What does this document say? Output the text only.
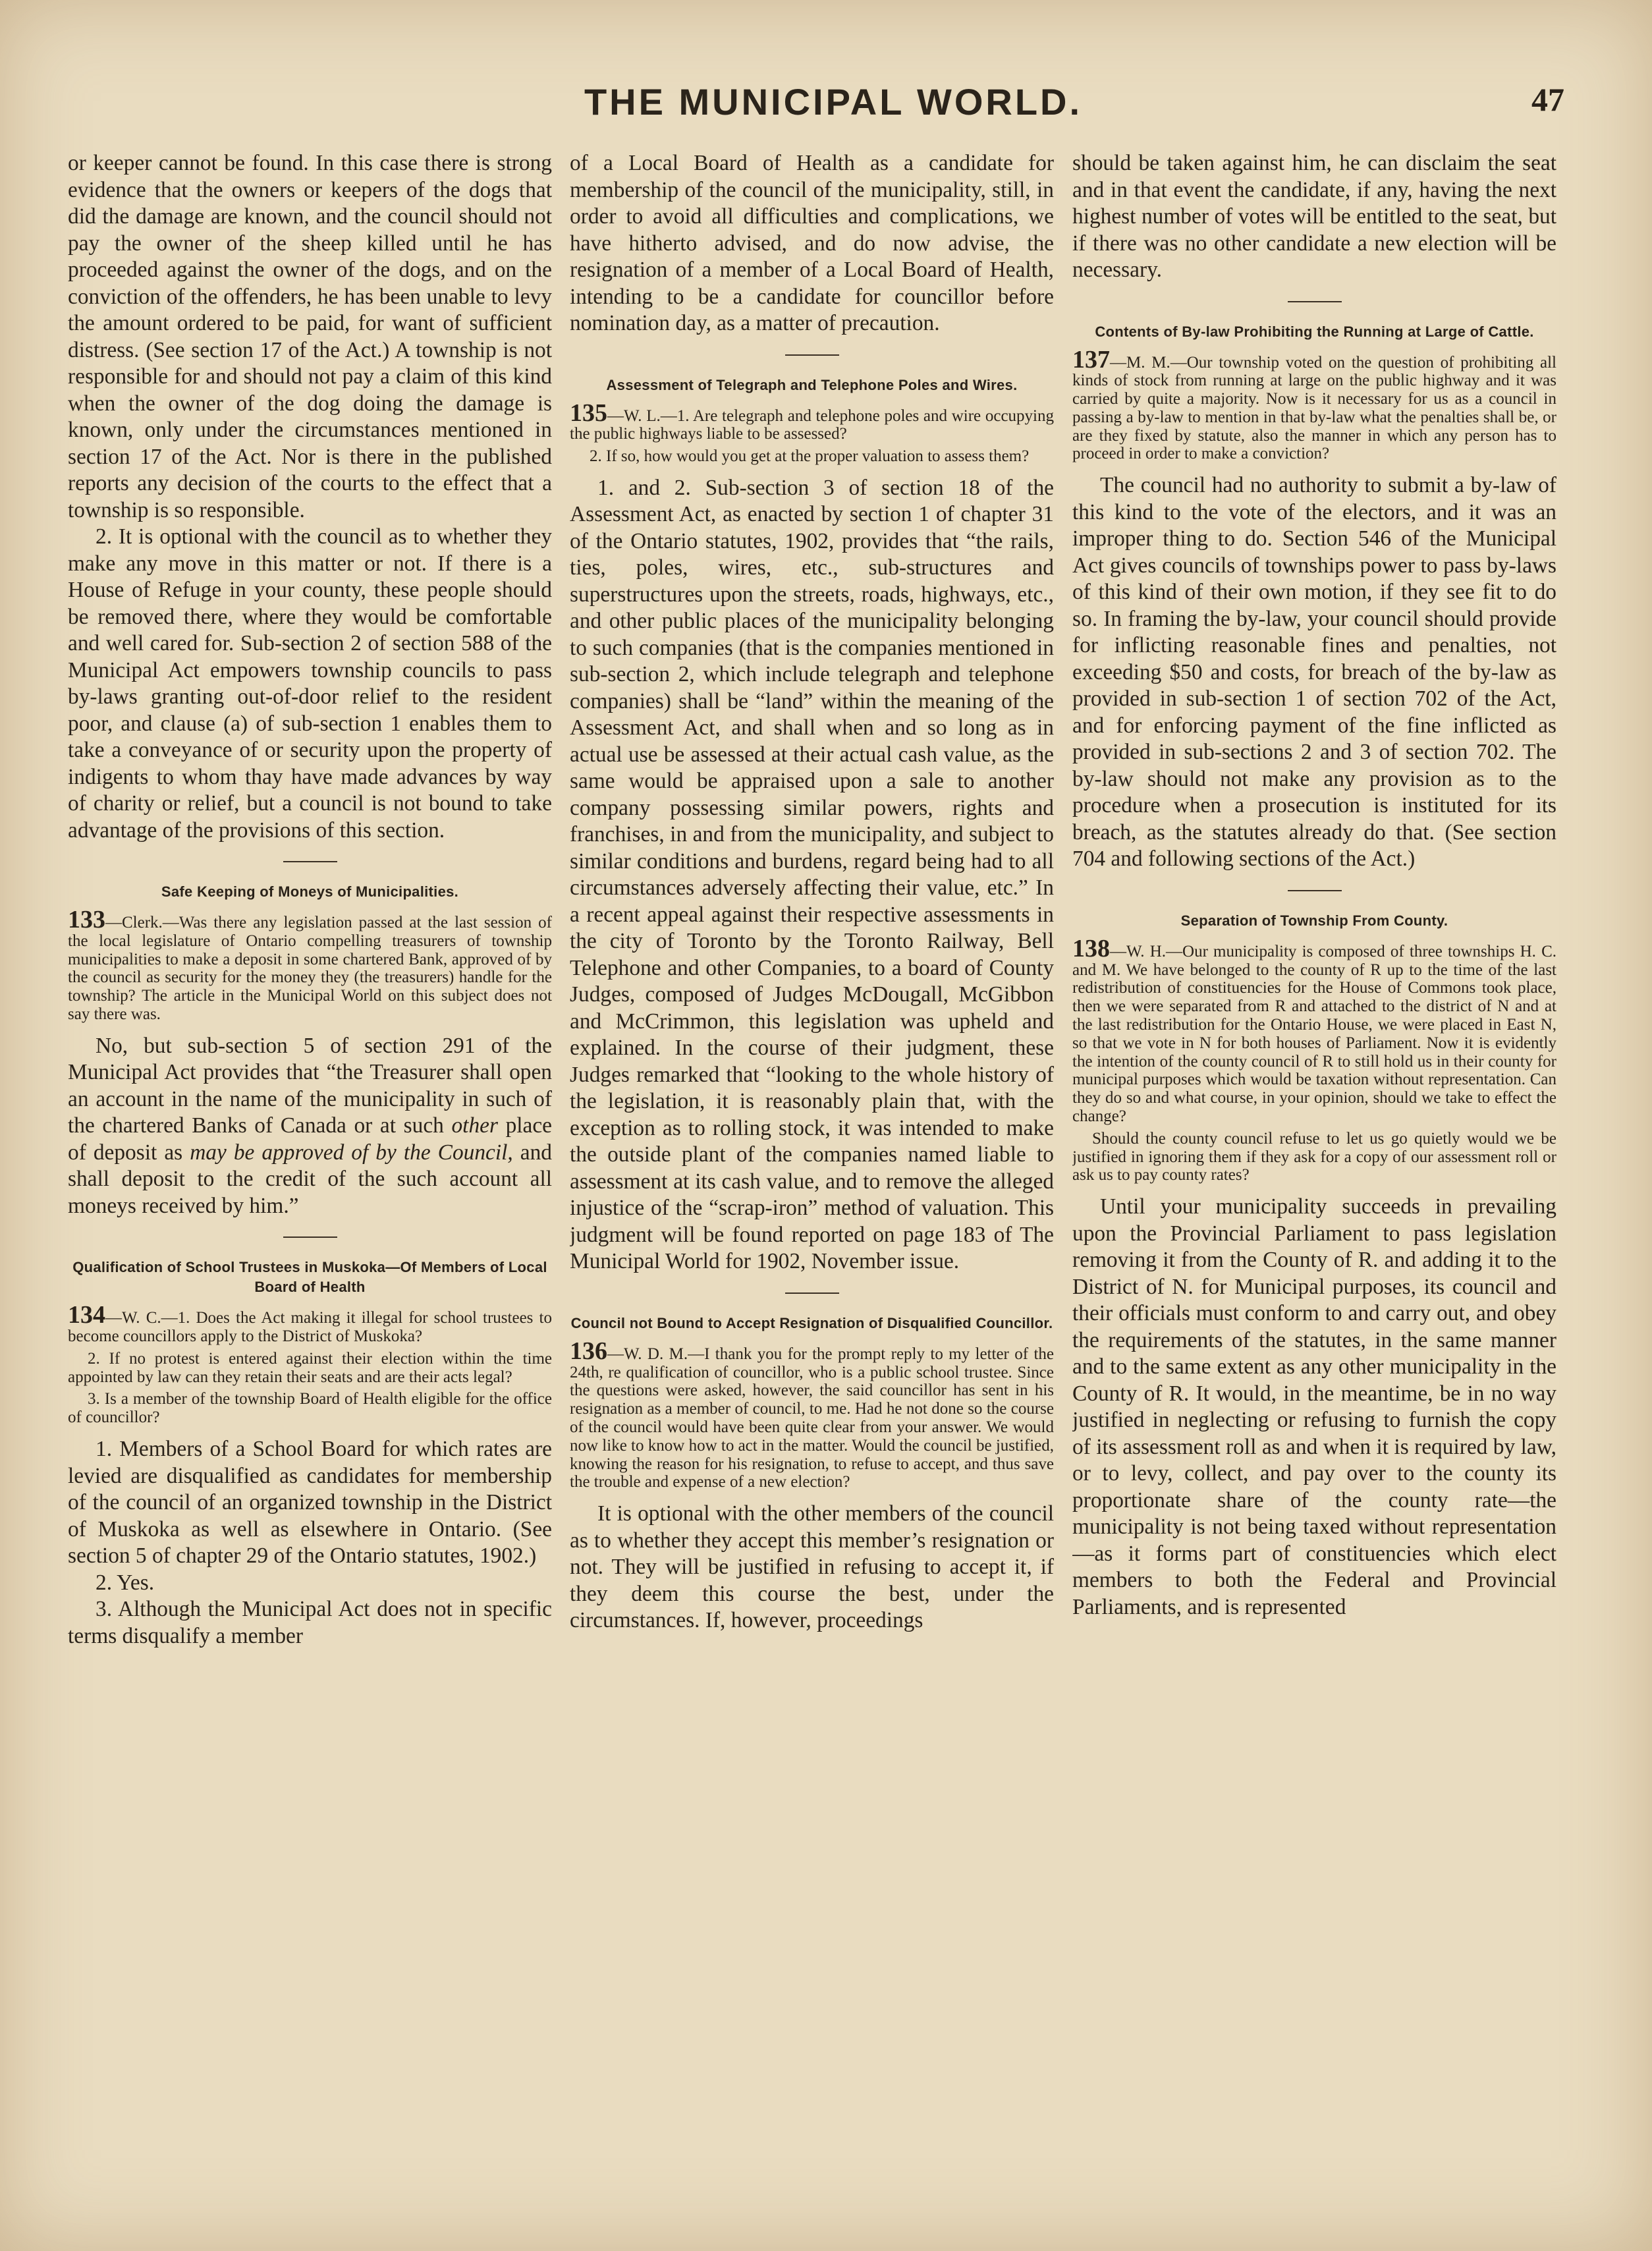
THE MUNICIPAL WORLD.	47

or keeper cannot be found. In this case there is strong evidence that the owners or keepers of the dogs that did the damage are known, and the council should not pay the owner of the sheep killed until he has proceeded against the owner of the dogs, and on the conviction of the offenders, he has been unable to levy the amount ordered to be paid, for want of sufficient distress. (See section 17 of the Act.) A township is not responsible for and should not pay a claim of this kind when the owner of the dog doing the damage is known, only under the circumstances mentioned in section 17 of the Act. Nor is there in the published reports any decision of the courts to the effect that a township is so responsible.

2. It is optional with the council as to whether they make any move in this matter or not. If there is a House of Refuge in your county, these people should be removed there, where they would be comfortable and well cared for. Sub-section 2 of section 588 of the Municipal Act empowers township councils to pass by-laws granting out-of-door relief to the resident poor, and clause (a) of sub-section 1 enables them to take a conveyance of or security upon the property of indigents to whom thay have made advances by way of charity or relief, but a council is not bound to take advantage of the provisions of this section.

Safe Keeping of Moneys of Municipalities.

133—Clerk.—Was there any legislation passed at the last session of the local legislature of Ontario compelling treasurers of township municipalities to make a deposit in some chartered Bank, approved of by the council as security for the money they (the treasurers) handle for the township? The article in the Municipal World on this subject does not say there was.

No, but sub-section 5 of section 291 of the Municipal Act provides that “the Treasurer shall open an account in the name of the municipality in such of the chartered Banks of Canada or at such other place of deposit as may be approved of by the Council, and shall deposit to the credit of the such account all moneys received by him.”

Qualification of School Trustees in Muskoka—Of Members of Local Board of Health

134—W. C.—1. Does the Act making it illegal for school trustees to become councillors apply to the District of Muskoka?

2. If no protest is entered against their election within the time appointed by law can they retain their seats and are their acts legal?

3. Is a member of the township Board of Health eligible for the office of councillor?

1. Members of a School Board for which rates are levied are disqualified as candidates for membership of the council of an organized township in the District of Muskoka as well as elsewhere in Ontario. (See section 5 of chapter 29 of the Ontario statutes, 1902.)

2. Yes.

3. Although the Municipal Act does not in specific terms disqualify a member

of a Local Board of Health as a candidate for membership of the council of the municipality, still, in order to avoid all difficulties and complications, we have hitherto advised, and do now advise, the resignation of a member of a Local Board of Health, intending to be a candidate for councillor before nomination day, as a matter of precaution.

Assessment of Telegraph and Telephone Poles and Wires.

135—W. L.—1. Are telegraph and telephone poles and wire occupying the public highways liable to be assessed?

2. If so, how would you get at the proper valuation to assess them?

1. and 2. Sub-section 3 of section 18 of the Assessment Act, as enacted by section 1 of chapter 31 of the Ontario statutes, 1902, provides that “the rails, ties, poles, wires, etc., sub-structures and superstructures upon the streets, roads, highways, etc., and other public places of the municipality belonging to such companies (that is the companies mentioned in sub-section 2, which include telegraph and telephone companies) shall be “land” within the meaning of the Assessment Act, and shall when and so long as in actual use be assessed at their actual cash value, as the same would be appraised upon a sale to another company possessing similar powers, rights and franchises, in and from the municipality, and subject to similar conditions and burdens, regard being had to all circumstances adversely affecting their value, etc.” In a recent appeal against their respective assessments in the city of Toronto by the Toronto Railway, Bell Telephone and other Companies, to a board of County Judges, composed of Judges McDougall, McGibbon and McCrimmon, this legislation was upheld and explained. In the course of their judgment, these Judges remarked that “looking to the whole history of the legislation, it is reasonably plain that, with the exception as to rolling stock, it was intended to make the outside plant of the companies named liable to assessment at its cash value, and to remove the alleged injustice of the “scrap-iron” method of valuation. This judgment will be found reported on page 183 of The Municipal World for 1902, November issue.

Council not Bound to Accept Resignation of Disqualified Councillor.

136—W. D. M.—I thank you for the prompt reply to my letter of the 24th, re qualification of councillor, who is a public school trustee. Since the questions were asked, however, the said councillor has sent in his resignation as a member of council, to me. Had he not done so the course of the council would have been quite clear from your answer. We would now like to know how to act in the matter. Would the council be justified, knowing the reason for his resignation, to refuse to accept, and thus save the trouble and expense of a new election?

It is optional with the other members of the council as to whether they accept this member’s resignation or not. They will be justified in refusing to accept it, if they deem this course the best, under the circumstances. If, however, proceedings

should be taken against him, he can disclaim the seat and in that event the candidate, if any, having the next highest number of votes will be entitled to the seat, but if there was no other candidate a new election will be necessary.

Contents of By-law Prohibiting the Running at Large of Cattle.

137—M. M.—Our township voted on the question of prohibiting all kinds of stock from running at large on the public highway and it was carried by quite a majority. Now is it necessary for us as a council in passing a by-law to mention in that by-law what the penalties shall be, or are they fixed by statute, also the manner in which any person has to proceed in order to make a conviction?

The council had no authority to submit a by-law of this kind to the vote of the electors, and it was an improper thing to do. Section 546 of the Municipal Act gives councils of townships power to pass by-laws of this kind of their own motion, if they see fit to do so. In framing the by-law, your council should provide for inflicting reasonable fines and penalties, not exceeding $50 and costs, for breach of the by-law as provided in sub-section 1 of section 702 of the Act, and for enforcing payment of the fine inflicted as provided in sub-sections 2 and 3 of section 702. The by-law should not make any provision as to the procedure when a prosecution is instituted for its breach, as the statutes already do that. (See section 704 and following sections of the Act.)

Separation of Township From County.

138—W. H.—Our municipality is composed of three townships H. C. and M. We have belonged to the county of R up to the time of the last redistribution of constituencies for the House of Commons took place, then we were separated from R and attached to the district of N and at the last redistribution for the Ontario House, we were placed in East N, so that we vote in N for both houses of Parliament. Now it is evidently the intention of the county council of R to still hold us in their county for municipal purposes which would be taxation without representation. Can they do so and what course, in your opinion, should we take to effect the change?

Should the county council refuse to let us go quietly would we be justified in ignoring them if they ask for a copy of our assessment roll or ask us to pay county rates?

Until your municipality succeeds in prevailing upon the Provincial Parliament to pass legislation removing it from the County of R. and adding it to the District of N. for Municipal purposes, its council and their officials must conform to and carry out, and obey the requirements of the statutes, in the same manner and to the same extent as any other municipality in the County of R. It would, in the meantime, be in no way justified in neglecting or refusing to furnish the copy of its assessment roll as and when it is required by law, or to levy, collect, and pay over to the county its proportionate share of the county rate—the municipality is not being taxed without representation —as it forms part of constituencies which elect members to both the Federal and Provincial Parliaments, and is represented
